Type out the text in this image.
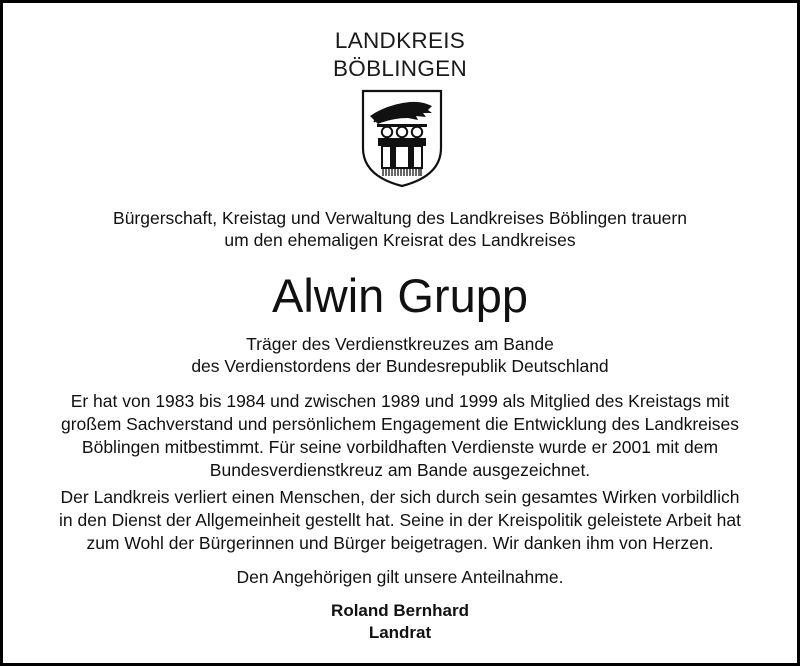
LANDKREIS
BÖBLINGEN
Bürgerschaft, Kreistag und Verwaltung des Landkreises Böblingen trauern
um den ehemaligen Kreisrat des Landkreises
Alwin Grupp
Träger des Verdienstkreuzes am Bande
des Verdienstordens der Bundesrepublik Deutschland
Er hat von 1983 bis 1984 und zwischen 1989 und 1999 als Mitglied des Kreistags mit
großem Sachverstand und persönlichem Engagement die Entwicklung des Landkreises
Böblingen mitbestimmt. Für seine vorbildhaften Verdienste wurde er 2001 mit dem
Bundesverdienstkreuz am Bande ausgezeichnet.
Der Landkreis verliert einen Menschen, der sich durch sein gesamtes Wirken vorbildlich
in den Dienst der Allgemeinheit gestellt hat. Seine in der Kreispolitik geleistete Arbeit hat
zum Wohl der Bürgerinnen und Bürger beigetragen. Wir danken ihm von Herzen.
Den Angehörigen gilt unsere Anteilnahme.
Roland Bernhard
Landrat
